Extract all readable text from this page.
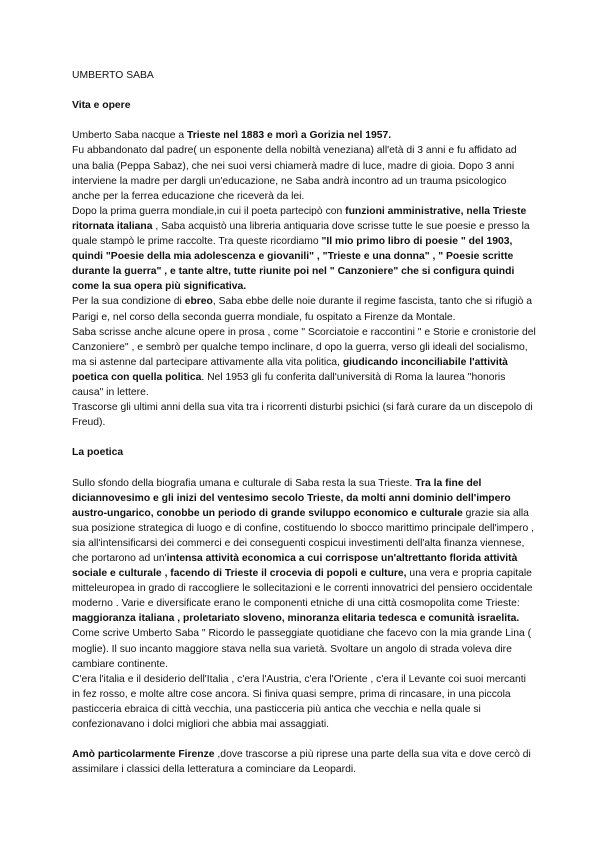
UMBERTO SABA

Vita e opere

Umberto Saba nacque a Trieste nel 1883 e morì a Gorizia nel 1957.
Fu abbandonato dal padre( un esponente della nobiltà veneziana) all'età di 3 anni e fu affidato ad una balia (Peppa Sabaz), che nei suoi versi chiamerà madre di luce, madre di gioia. Dopo 3 anni interviene la madre per dargli un'educazione, ne Saba andrà incontro ad un trauma psicologico anche per la ferrea educazione che riceverà da lei.
Dopo la prima guerra mondiale,in cui il poeta partecipò con funzioni amministrative, nella Trieste ritornata italiana , Saba acquistò una libreria antiquaria dove scrisse tutte le sue poesie e presso la quale stampò le prime raccolte. Tra queste ricordiamo "Il mio primo libro di poesie " del 1903, quindi "Poesie della mia adolescenza e giovanili" , "Trieste e una donna" , " Poesie scritte durante la guerra" , e tante altre, tutte riunite poi nel " Canzoniere" che si configura quindi come la sua opera più significativa.
Per la sua condizione di ebreo, Saba ebbe delle noie durante il regime fascista, tanto che si rifugiò a Parigi e, nel corso della seconda guerra mondiale, fu ospitato a Firenze da Montale.
Saba scrisse anche alcune opere in prosa , come " Scorciatoie e raccontini " e Storie e cronistorie del Canzoniere" , e sembrò per qualche tempo inclinare, d opo la guerra, verso gli ideali del socialismo, ma si astenne dal partecipare attivamente alla vita politica, giudicando inconciliabile l'attività poetica con quella politica. Nel 1953 gli fu conferita dall'università di Roma la laurea "honoris causa" in lettere.
Trascorse gli ultimi anni della sua vita tra i ricorrenti disturbi psichici (si farà curare da un discepolo di Freud).

La poetica

Sullo sfondo della biografia umana e culturale di Saba resta la sua Trieste. Tra la fine del diciannovesimo e gli inizi del ventesimo secolo Trieste, da molti anni dominio dell'impero austro-ungarico, conobbe un periodo di grande sviluppo economico e culturale grazie sia alla sua posizione strategica di luogo e di confine, costituendo lo sbocco marittimo principale dell'impero , sia all'intensificarsi dei commerci e dei conseguenti cospicui investimenti dell'alta finanza viennese, che portarono ad un'intensa attività economica a cui corrispose un'altrettanto florida attività sociale e culturale , facendo di Trieste il crocevia di popoli e culture, una vera e propria capitale mitteleuropea in grado di raccogliere le sollecitazioni e le correnti innovatrici del pensiero occidentale moderno . Varie e diversificate erano le componenti etniche di una città cosmopolita come Trieste: maggioranza italiana , proletariato sloveno, minoranza elitaria tedesca e comunità israelita. Come scrive Umberto Saba " Ricordo le passeggiate quotidiane che facevo con la mia grande Lina ( moglie). Il suo incanto maggiore stava nella sua varietà. Svoltare un angolo di strada voleva dire cambiare continente.
C'era l'italia e il desiderio dell'Italia , c'era l'Austria, c'era l'Oriente , c'era il Levante coi suoi mercanti in fez rosso, e molte altre cose ancora. Si finiva quasi sempre, prima di rincasare, in una piccola pasticceria ebraica di città vecchia, una pasticceria più antica che vecchia e nella quale si confezionavano i dolci migliori che abbia mai assaggiati.

Amò particolarmente Firenze ,dove trascorse a più riprese una parte della sua vita e dove cercò di assimilare i classici della letteratura a cominciare da Leopardi.
